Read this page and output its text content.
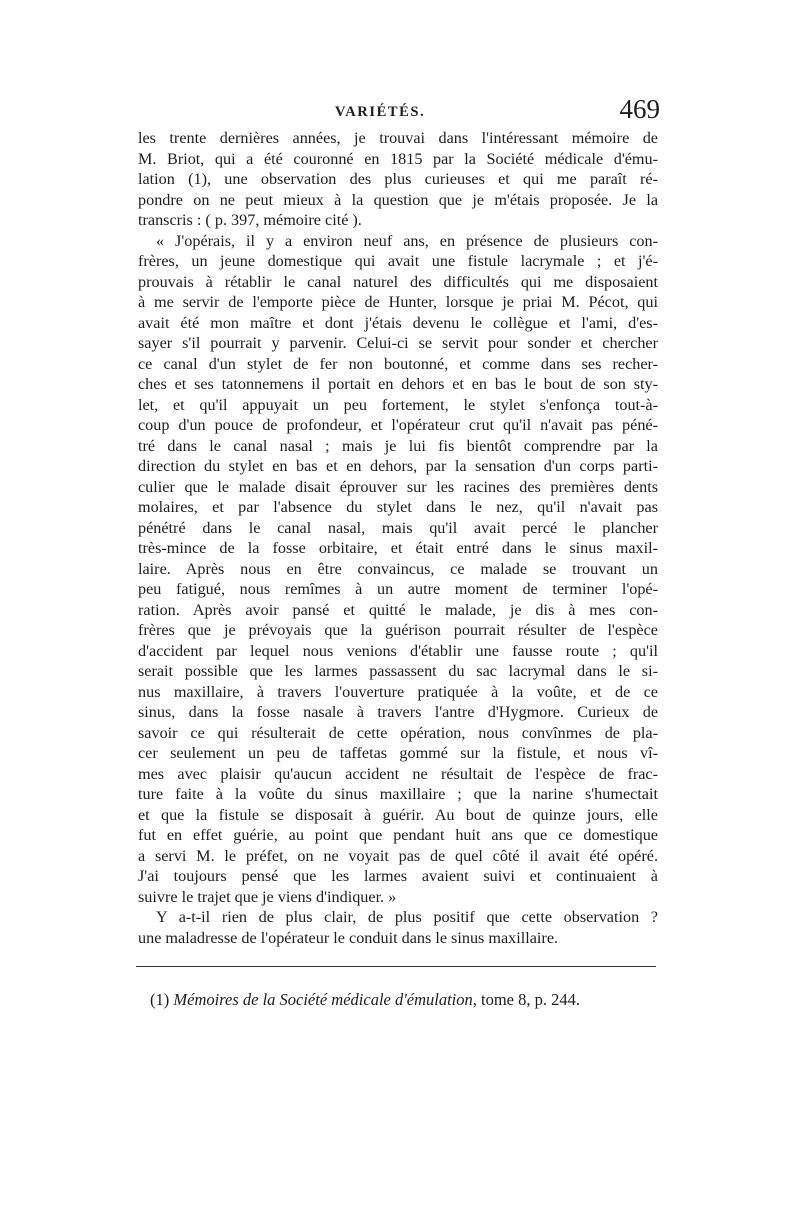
VARIÉTÉS.	469
les trente dernières années, je trouvai dans l'intéressant mémoire de
M. Briot, qui a été couronné en 1815 par la Société médicale d'ému-
lation (1), une observation des plus curieuses et qui me paraît ré-
pondre on ne peut mieux à la question que je m'étais proposée. Je la
transcris : ( p. 397, mémoire cité ).
« J'opérais, il y a environ neuf ans, en présence de plusieurs con-
frères, un jeune domestique qui avait une fistule lacrymale ; et j'é-
prouvais à rétablir le canal naturel des difficultés qui me disposaient
à me servir de l'emporte pièce de Hunter, lorsque je priai M. Pécot, qui
avait été mon maître et dont j'étais devenu le collègue et l'ami, d'es-
sayer s'il pourrait y parvenir. Celui-ci se servit pour sonder et chercher
ce canal d'un stylet de fer non boutonné, et comme dans ses recher-
ches et ses tatonnemens il portait en dehors et en bas le bout de son sty-
let, et qu'il appuyait un peu fortement, le stylet s'enfonça tout-à-
coup d'un pouce de profondeur, et l'opérateur crut qu'il n'avait pas péné-
tré dans le canal nasal ; mais je lui fis bientôt comprendre par la
direction du stylet en bas et en dehors, par la sensation d'un corps parti-
culier que le malade disait éprouver sur les racines des premières dents
molaires, et par l'absence du stylet dans le nez, qu'il n'avait pas
pénétré dans le canal nasal, mais qu'il avait percé le plancher
très-mince de la fosse orbitaire, et était entré dans le sinus maxil-
laire. Après nous en être convaincus, ce malade se trouvant un
peu fatigué, nous remîmes à un autre moment de terminer l'opé-
ration. Après avoir pansé et quitté le malade, je dis à mes con-
frères que je prévoyais que la guérison pourrait résulter de l'espèce
d'accident par lequel nous venions d'établir une fausse route ; qu'il
serait possible que les larmes passassent du sac lacrymal dans le si-
nus maxillaire, à travers l'ouverture pratiquée à la voûte, et de ce
sinus, dans la fosse nasale à travers l'antre d'Hygmore. Curieux de
savoir ce qui résulterait de cette opération, nous convînmes de pla-
cer seulement un peu de taffetas gommé sur la fistule, et nous vî-
mes avec plaisir qu'aucun accident ne résultait de l'espèce de frac-
ture faite à la voûte du sinus maxillaire ; que la narine s'humectait
et que la fistule se disposait à guérir. Au bout de quinze jours, elle
fut en effet guérie, au point que pendant huit ans que ce domestique
a servi M. le préfet, on ne voyait pas de quel côté il avait été opéré.
J'ai toujours pensé que les larmes avaient suivi et continuaient à
suivre le trajet que je viens d'indiquer. »
Y a-t-il rien de plus clair, de plus positif que cette observation ?
une maladresse de l'opérateur le conduit dans le sinus maxillaire.
(1) Mémoires de la Société médicale d'émulation, tome 8, p. 244.
